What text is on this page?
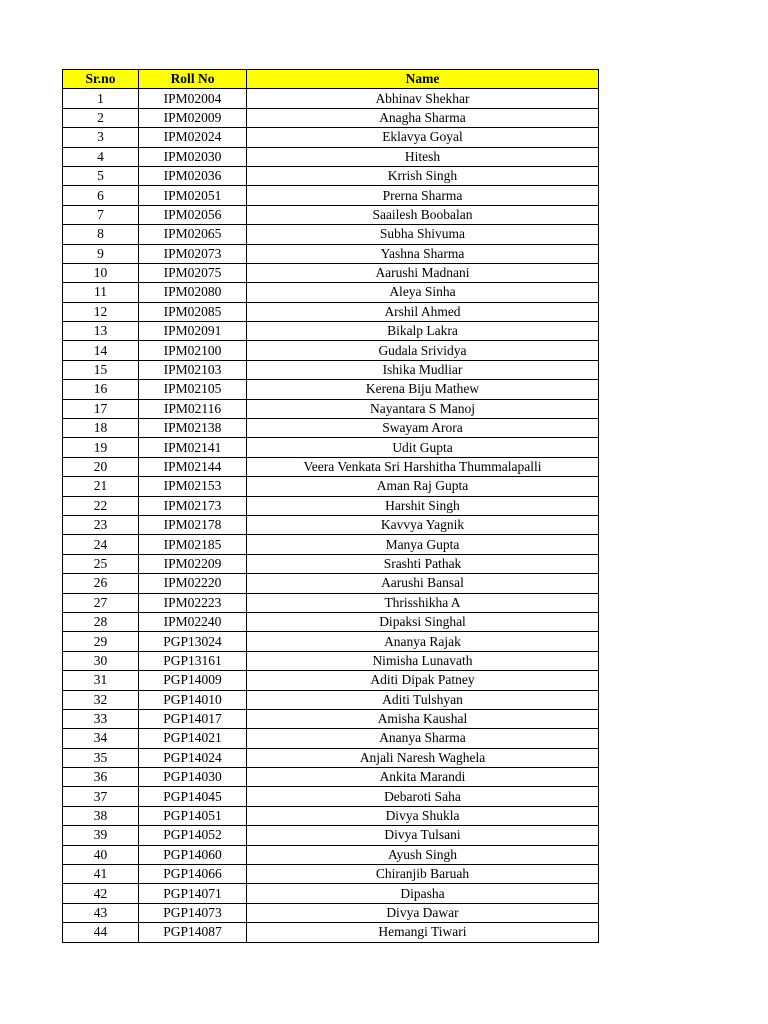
Sr.no	Roll No	Name
1	IPM02004	Abhinav Shekhar
2	IPM02009	Anagha Sharma
3	IPM02024	Eklavya Goyal
4	IPM02030	Hitesh
5	IPM02036	Krrish Singh
6	IPM02051	Prerna Sharma
7	IPM02056	Saailesh Boobalan
8	IPM02065	Subha Shivuma
9	IPM02073	Yashna Sharma
10	IPM02075	Aarushi Madnani
11	IPM02080	Aleya Sinha
12	IPM02085	Arshil Ahmed
13	IPM02091	Bikalp Lakra
14	IPM02100	Gudala Srividya
15	IPM02103	Ishika Mudliar
16	IPM02105	Kerena Biju Mathew
17	IPM02116	Nayantara S Manoj
18	IPM02138	Swayam Arora
19	IPM02141	Udit Gupta
20	IPM02144	Veera Venkata Sri Harshitha Thummalapalli
21	IPM02153	Aman Raj Gupta
22	IPM02173	Harshit Singh
23	IPM02178	Kavvya Yagnik
24	IPM02185	Manya Gupta
25	IPM02209	Srashti Pathak
26	IPM02220	Aarushi Bansal
27	IPM02223	Thrisshikha A
28	IPM02240	Dipaksi Singhal
29	PGP13024	Ananya Rajak
30	PGP13161	Nimisha Lunavath
31	PGP14009	Aditi Dipak Patney
32	PGP14010	Aditi Tulshyan
33	PGP14017	Amisha Kaushal
34	PGP14021	Ananya Sharma
35	PGP14024	Anjali Naresh Waghela
36	PGP14030	Ankita Marandi
37	PGP14045	Debaroti Saha
38	PGP14051	Divya Shukla
39	PGP14052	Divya Tulsani
40	PGP14060	Ayush Singh
41	PGP14066	Chiranjib Baruah
42	PGP14071	Dipasha
43	PGP14073	Divya Dawar
44	PGP14087	Hemangi Tiwari
